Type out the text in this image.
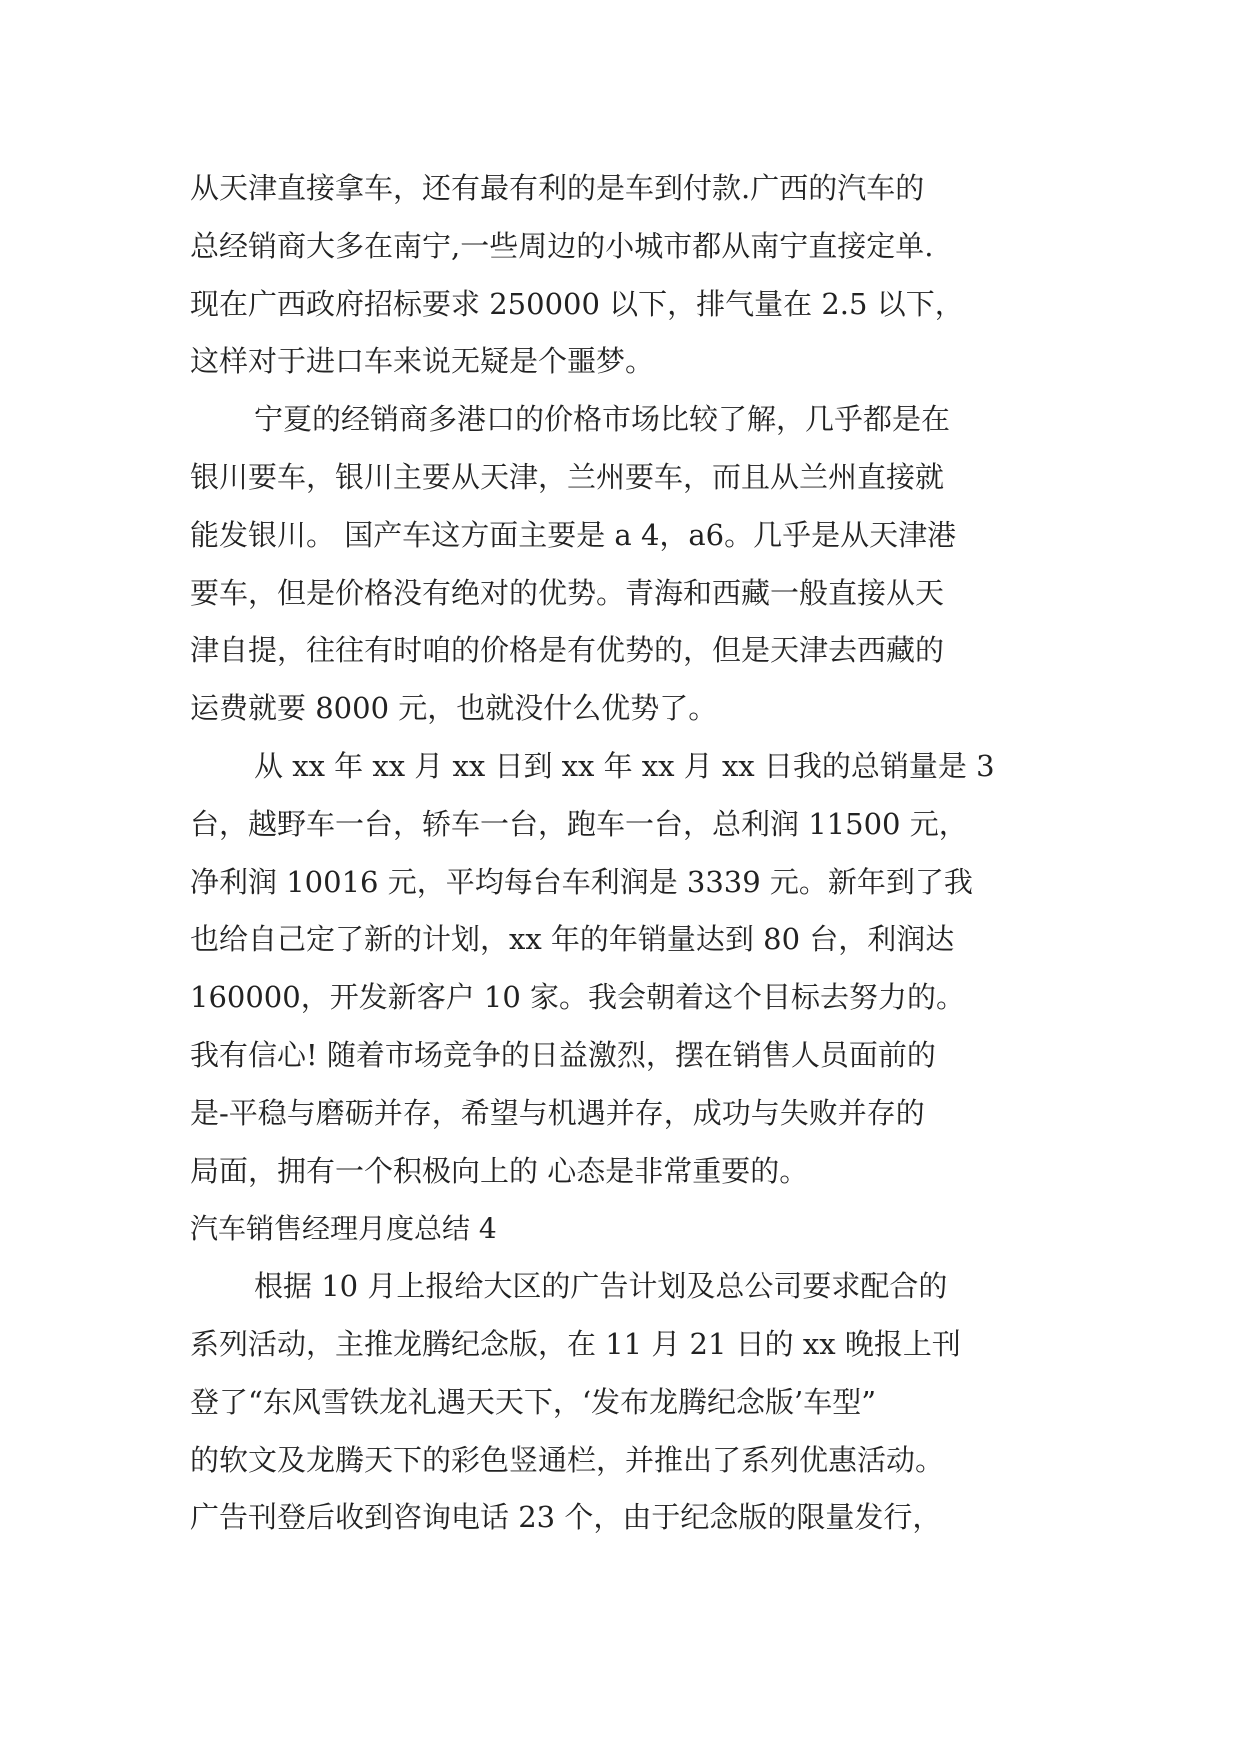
从天津直接拿车，还有最有利的是车到付款.广西的汽车的
总经销商大多在南宁,一些周边的小城市都从南宁直接定单.
现在广西政府招标要求 250000 以下，排气量在 2.5 以下，
这样对于进口车来说无疑是个噩梦。
宁夏的经销商多港口的价格市场比较了解，几乎都是在
银川要车，银川主要从天津，兰州要车，而且从兰州直接就
能发银川。 国产车这方面主要是 a 4，a6。几乎是从天津港
要车，但是价格没有绝对的优势。青海和西藏一般直接从天
津自提，往往有时咱的价格是有优势的，但是天津去西藏的
运费就要 8000 元，也就没什么优势了。
从 xx 年 xx 月 xx 日到 xx 年 xx 月 xx 日我的总销量是 3
台，越野车一台，轿车一台，跑车一台，总利润 11500 元，
净利润 10016 元，平均每台车利润是 3339 元。新年到了我
也给自己定了新的计划，xx 年的年销量达到 80 台，利润达
160000，开发新客户 10 家。我会朝着这个目标去努力的。
我有信心! 随着市场竞争的日益激烈，摆在销售人员面前的
是-平稳与磨砺并存，希望与机遇并存，成功与失败并存的
局面，拥有一个积极向上的 心态是非常重要的。
汽车销售经理月度总结 4
根据 10 月上报给大区的广告计划及总公司要求配合的
系列活动，主推龙腾纪念版，在 11 月 21 日的 xx 晚报上刊
登了“东风雪铁龙礼遇天天下，‘发布龙腾纪念版’车型”
的软文及龙腾天下的彩色竖通栏，并推出了系列优惠活动。
广告刊登后收到咨询电话 23 个，由于纪念版的限量发行，
